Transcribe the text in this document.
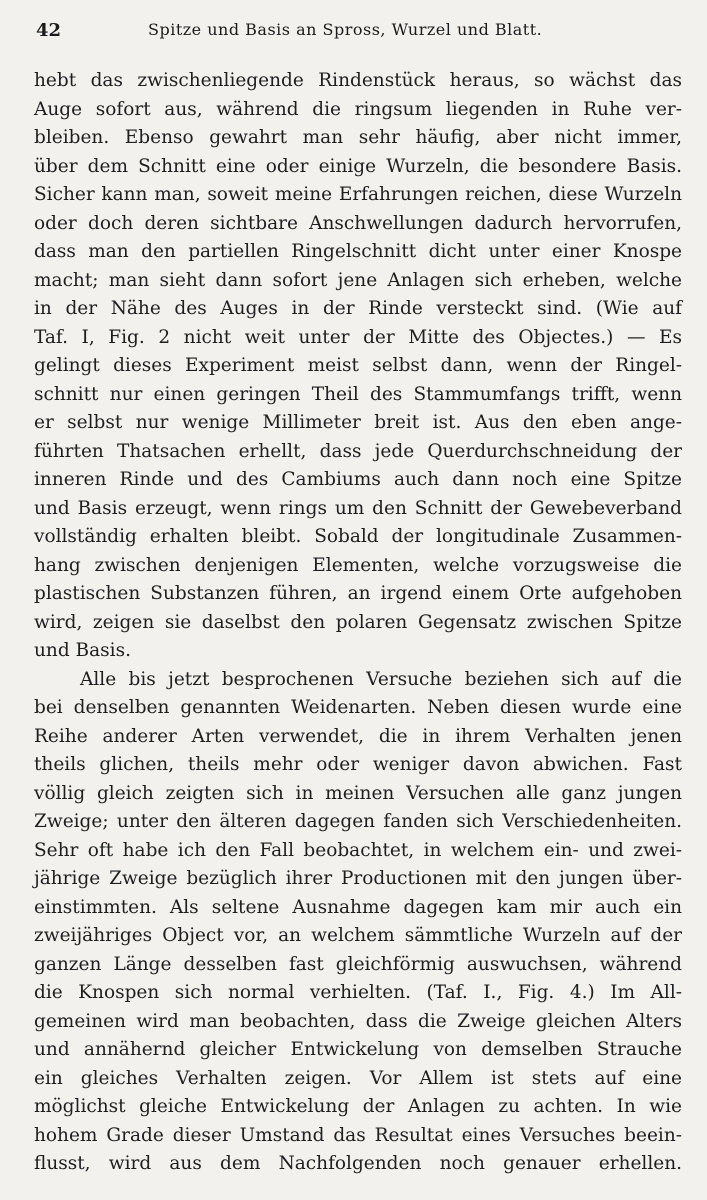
42	Spitze und Basis an Spross, Wurzel und Blatt.
hebt das zwischenliegende Rindenstück heraus, so wächst das
Auge sofort aus, während die ringsum liegenden in Ruhe ver-
bleiben. Ebenso gewahrt man sehr häufig, aber nicht immer,
über dem Schnitt eine oder einige Wurzeln, die besondere Basis.
Sicher kann man, soweit meine Erfahrungen reichen, diese Wurzeln
oder doch deren sichtbare Anschwellungen dadurch hervorrufen,
dass man den partiellen Ringelschnitt dicht unter einer Knospe
macht; man sieht dann sofort jene Anlagen sich erheben, welche
in der Nähe des Auges in der Rinde versteckt sind. (Wie auf
Taf. I, Fig. 2 nicht weit unter der Mitte des Objectes.) — Es
gelingt dieses Experiment meist selbst dann, wenn der Ringel-
schnitt nur einen geringen Theil des Stammumfangs trifft, wenn
er selbst nur wenige Millimeter breit ist. Aus den eben ange-
führten Thatsachen erhellt, dass jede Querdurchschneidung der
inneren Rinde und des Cambiums auch dann noch eine Spitze
und Basis erzeugt, wenn rings um den Schnitt der Gewebeverband
vollständig erhalten bleibt. Sobald der longitudinale Zusammen-
hang zwischen denjenigen Elementen, welche vorzugsweise die
plastischen Substanzen führen, an irgend einem Orte aufgehoben
wird, zeigen sie daselbst den polaren Gegensatz zwischen Spitze
und Basis.
Alle bis jetzt besprochenen Versuche beziehen sich auf die
bei denselben genannten Weidenarten. Neben diesen wurde eine
Reihe anderer Arten verwendet, die in ihrem Verhalten jenen
theils glichen, theils mehr oder weniger davon abwichen. Fast
völlig gleich zeigten sich in meinen Versuchen alle ganz jungen
Zweige; unter den älteren dagegen fanden sich Verschiedenheiten.
Sehr oft habe ich den Fall beobachtet, in welchem ein- und zwei-
jährige Zweige bezüglich ihrer Productionen mit den jungen über-
einstimmten. Als seltene Ausnahme dagegen kam mir auch ein
zweijähriges Object vor, an welchem sämmtliche Wurzeln auf der
ganzen Länge desselben fast gleichförmig auswuchsen, während
die Knospen sich normal verhielten. (Taf. I., Fig. 4.) Im All-
gemeinen wird man beobachten, dass die Zweige gleichen Alters
und annähernd gleicher Entwickelung von demselben Strauche
ein gleiches Verhalten zeigen. Vor Allem ist stets auf eine
möglichst gleiche Entwickelung der Anlagen zu achten. In wie
hohem Grade dieser Umstand das Resultat eines Versuches beein-
flusst, wird aus dem Nachfolgenden noch genauer erhellen.
